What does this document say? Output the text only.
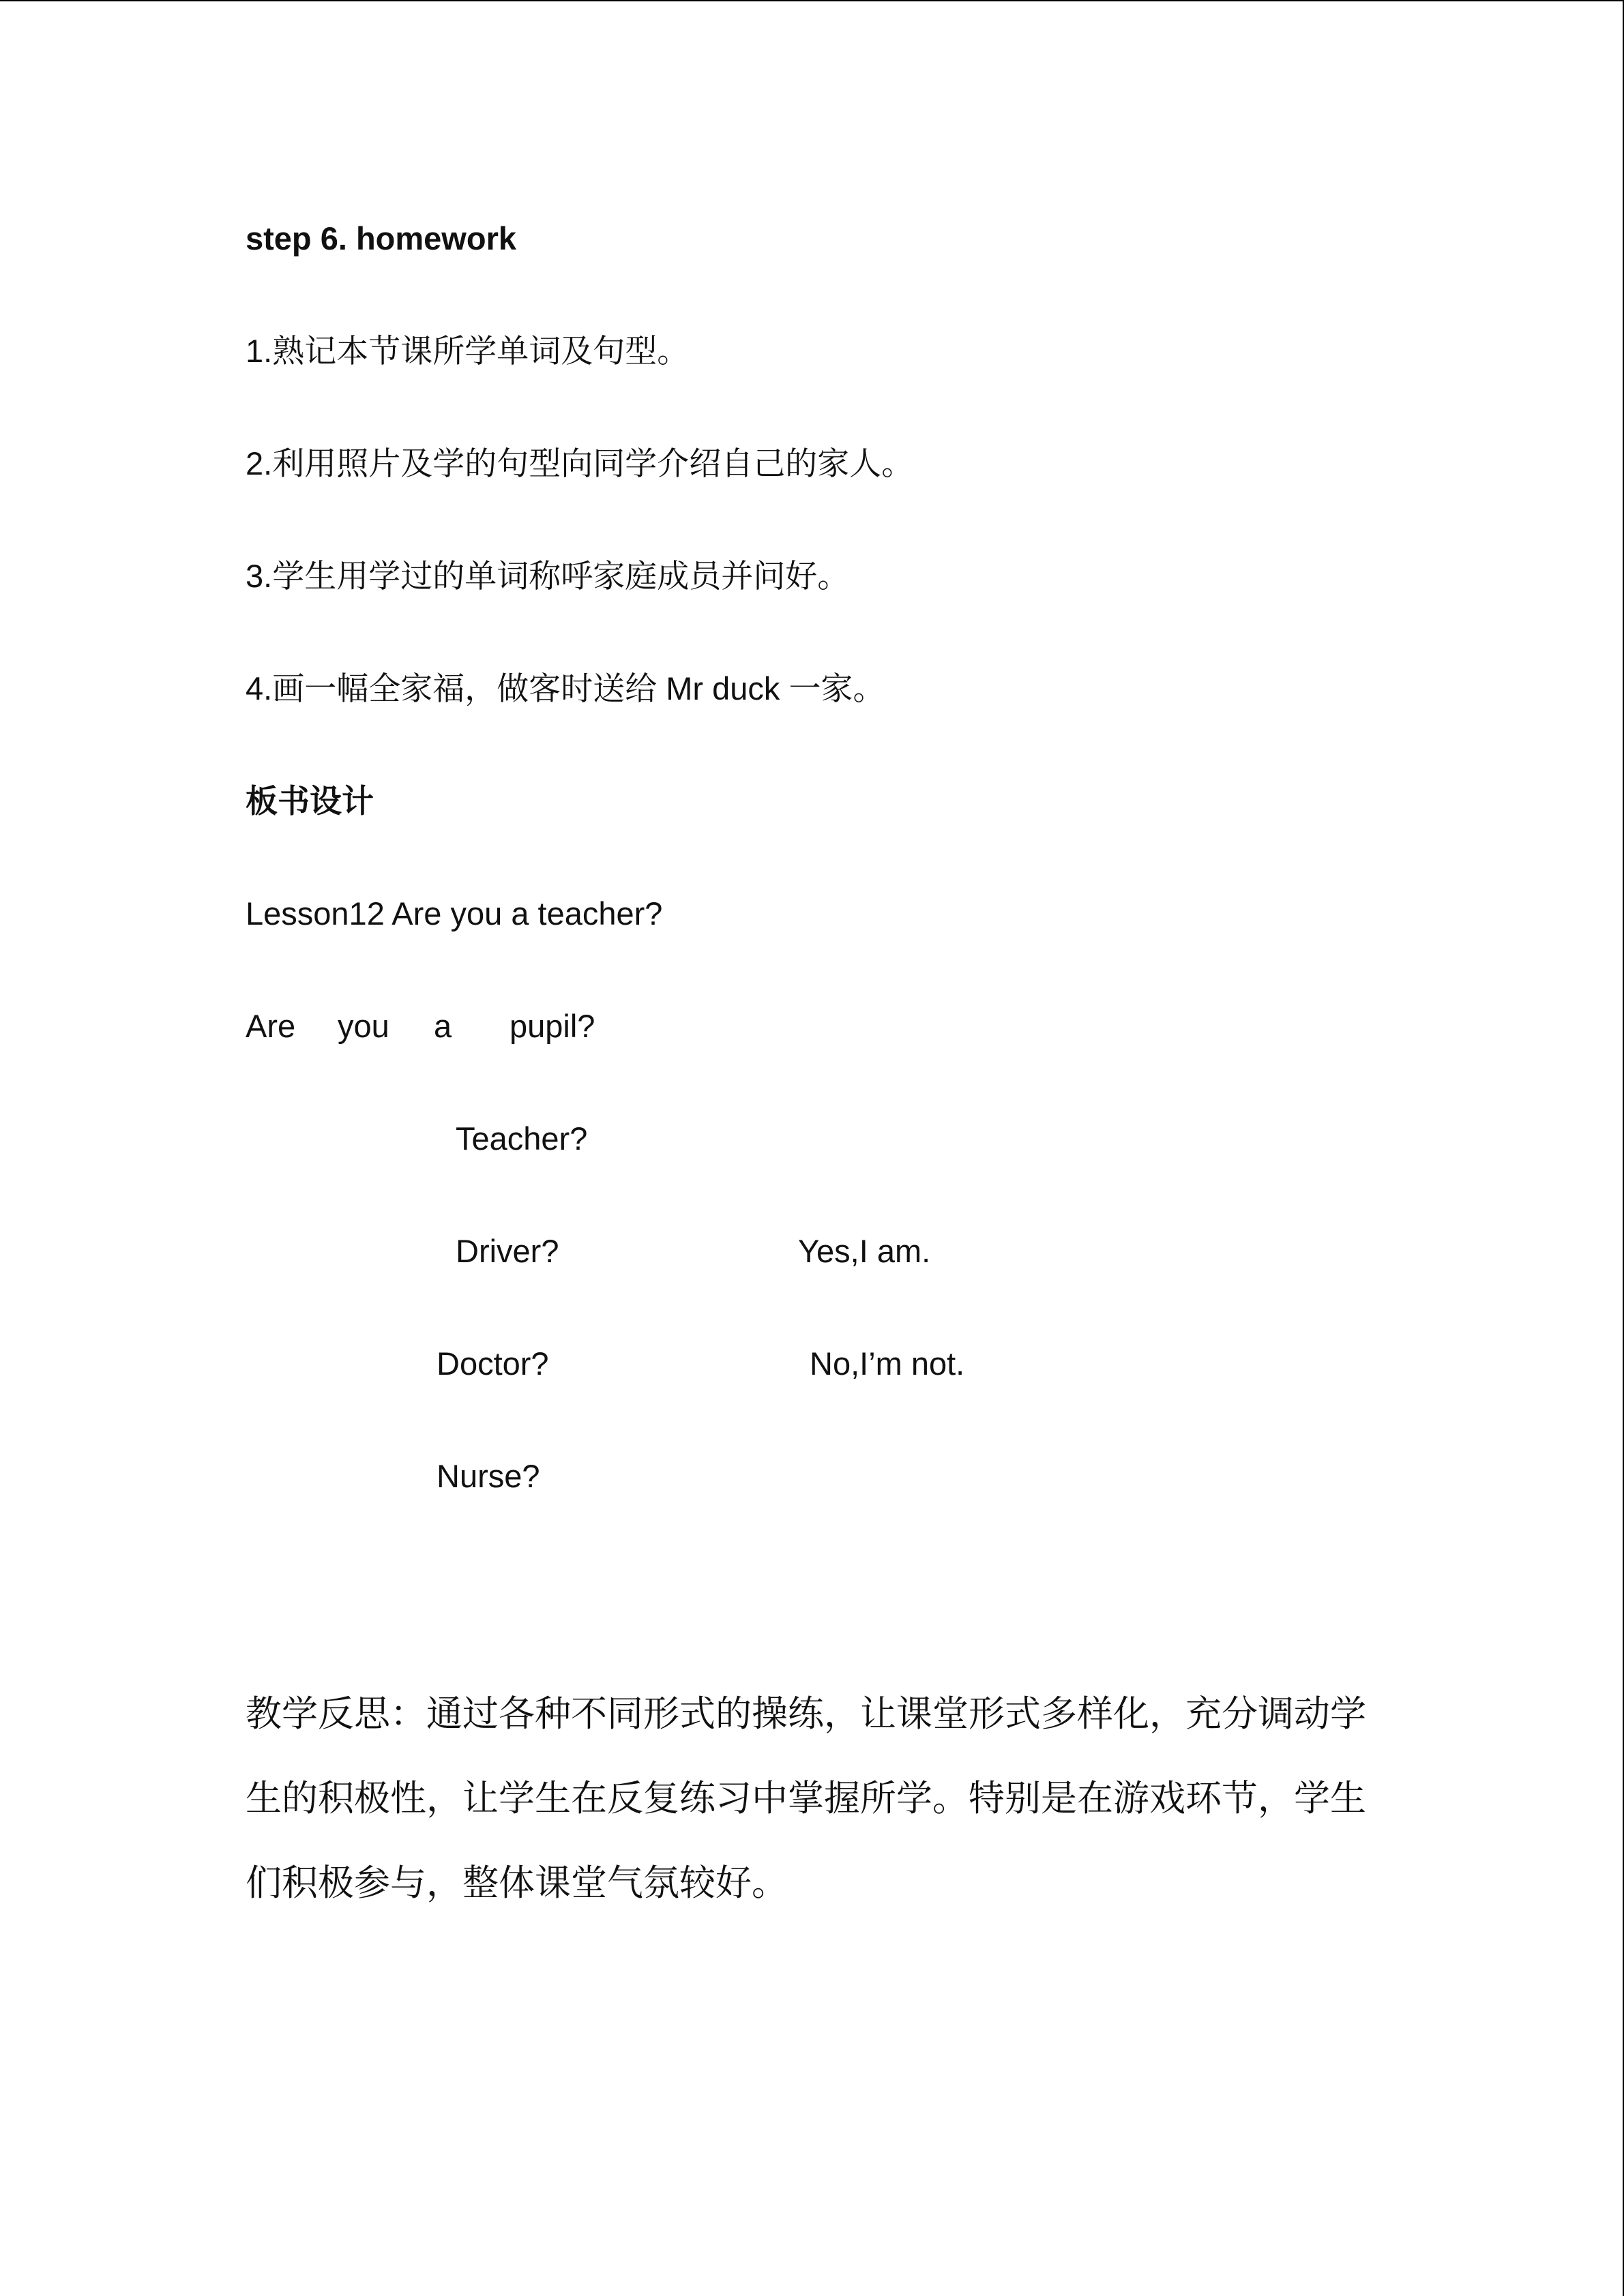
step 6. homework
1.熟记本节课所学单词及句型。
2.利用照片及学的句型向同学介绍自己的家人。
3.学生用学过的单词称呼家庭成员并问好。
4.画一幅全家福，做客时送给 Mr duck 一家。
板书设计
Lesson12 Are you a teacher?
Are you a pupil?
Teacher?
Driver?	Yes,I am.
Doctor?	No,I’m not.
Nurse?
教学反思：通过各种不同形式的操练，让课堂形式多样化，充分调动学生的积极性，让学生在反复练习中掌握所学。特别是在游戏环节，学生们积极参与，整体课堂气氛较好。
